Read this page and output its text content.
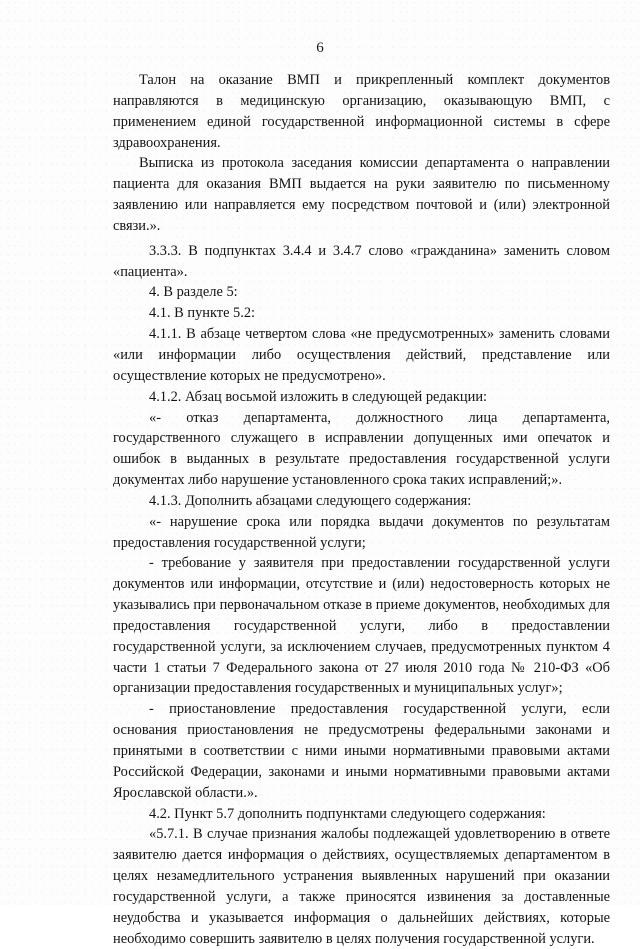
6

Талон на оказание ВМП и прикрепленный комплект документов направляются в медицинскую организацию, оказывающую ВМП, с применением единой государственной информационной системы в сфере здравоохранения.

Выписка из протокола заседания комиссии департамента о направлении пациента для оказания ВМП выдается на руки заявителю по письменному заявлению или направляется ему посредством почтовой и (или) электронной связи.».

3.3.3. В подпунктах 3.4.4 и 3.4.7 слово «гражданина» заменить словом «пациента».

4. В разделе 5:

4.1. В пункте 5.2:

4.1.1. В абзаце четвертом слова «не предусмотренных» заменить словами «или информации либо осуществления действий, представление или осуществление которых не предусмотрено».

4.1.2. Абзац восьмой изложить в следующей редакции:

«- отказ департамента, должностного лица департамента, государственного служащего в исправлении допущенных ими опечаток и ошибок в выданных в результате предоставления государственной услуги документах либо нарушение установленного срока таких исправлений;».

4.1.3. Дополнить абзацами следующего содержания:

«- нарушение срока или порядка выдачи документов по результатам предоставления государственной услуги;

- требование у заявителя при предоставлении государственной услуги документов или информации, отсутствие и (или) недостоверность которых не указывались при первоначальном отказе в приеме документов, необходимых для предоставления государственной услуги, либо в предоставлении государственной услуги, за исключением случаев, предусмотренных пунктом 4 части 1 статьи 7 Федерального закона от 27 июля 2010 года № 210-ФЗ «Об организации предоставления государственных и муниципальных услуг»;

- приостановление предоставления государственной услуги, если основания приостановления не предусмотрены федеральными законами и принятыми в соответствии с ними иными нормативными правовыми актами Российской Федерации, законами и иными нормативными правовыми актами Ярославской области.».

4.2. Пункт 5.7 дополнить подпунктами следующего содержания:

«5.7.1. В случае признания жалобы подлежащей удовлетворению в ответе заявителю дается информация о действиях, осуществляемых департаментом в целях незамедлительного устранения выявленных нарушений при оказании государственной услуги, а также приносятся извинения за доставленные неудобства и указывается информация о дальнейших действиях, которые необходимо совершить заявителю в целях получения государственной услуги.
